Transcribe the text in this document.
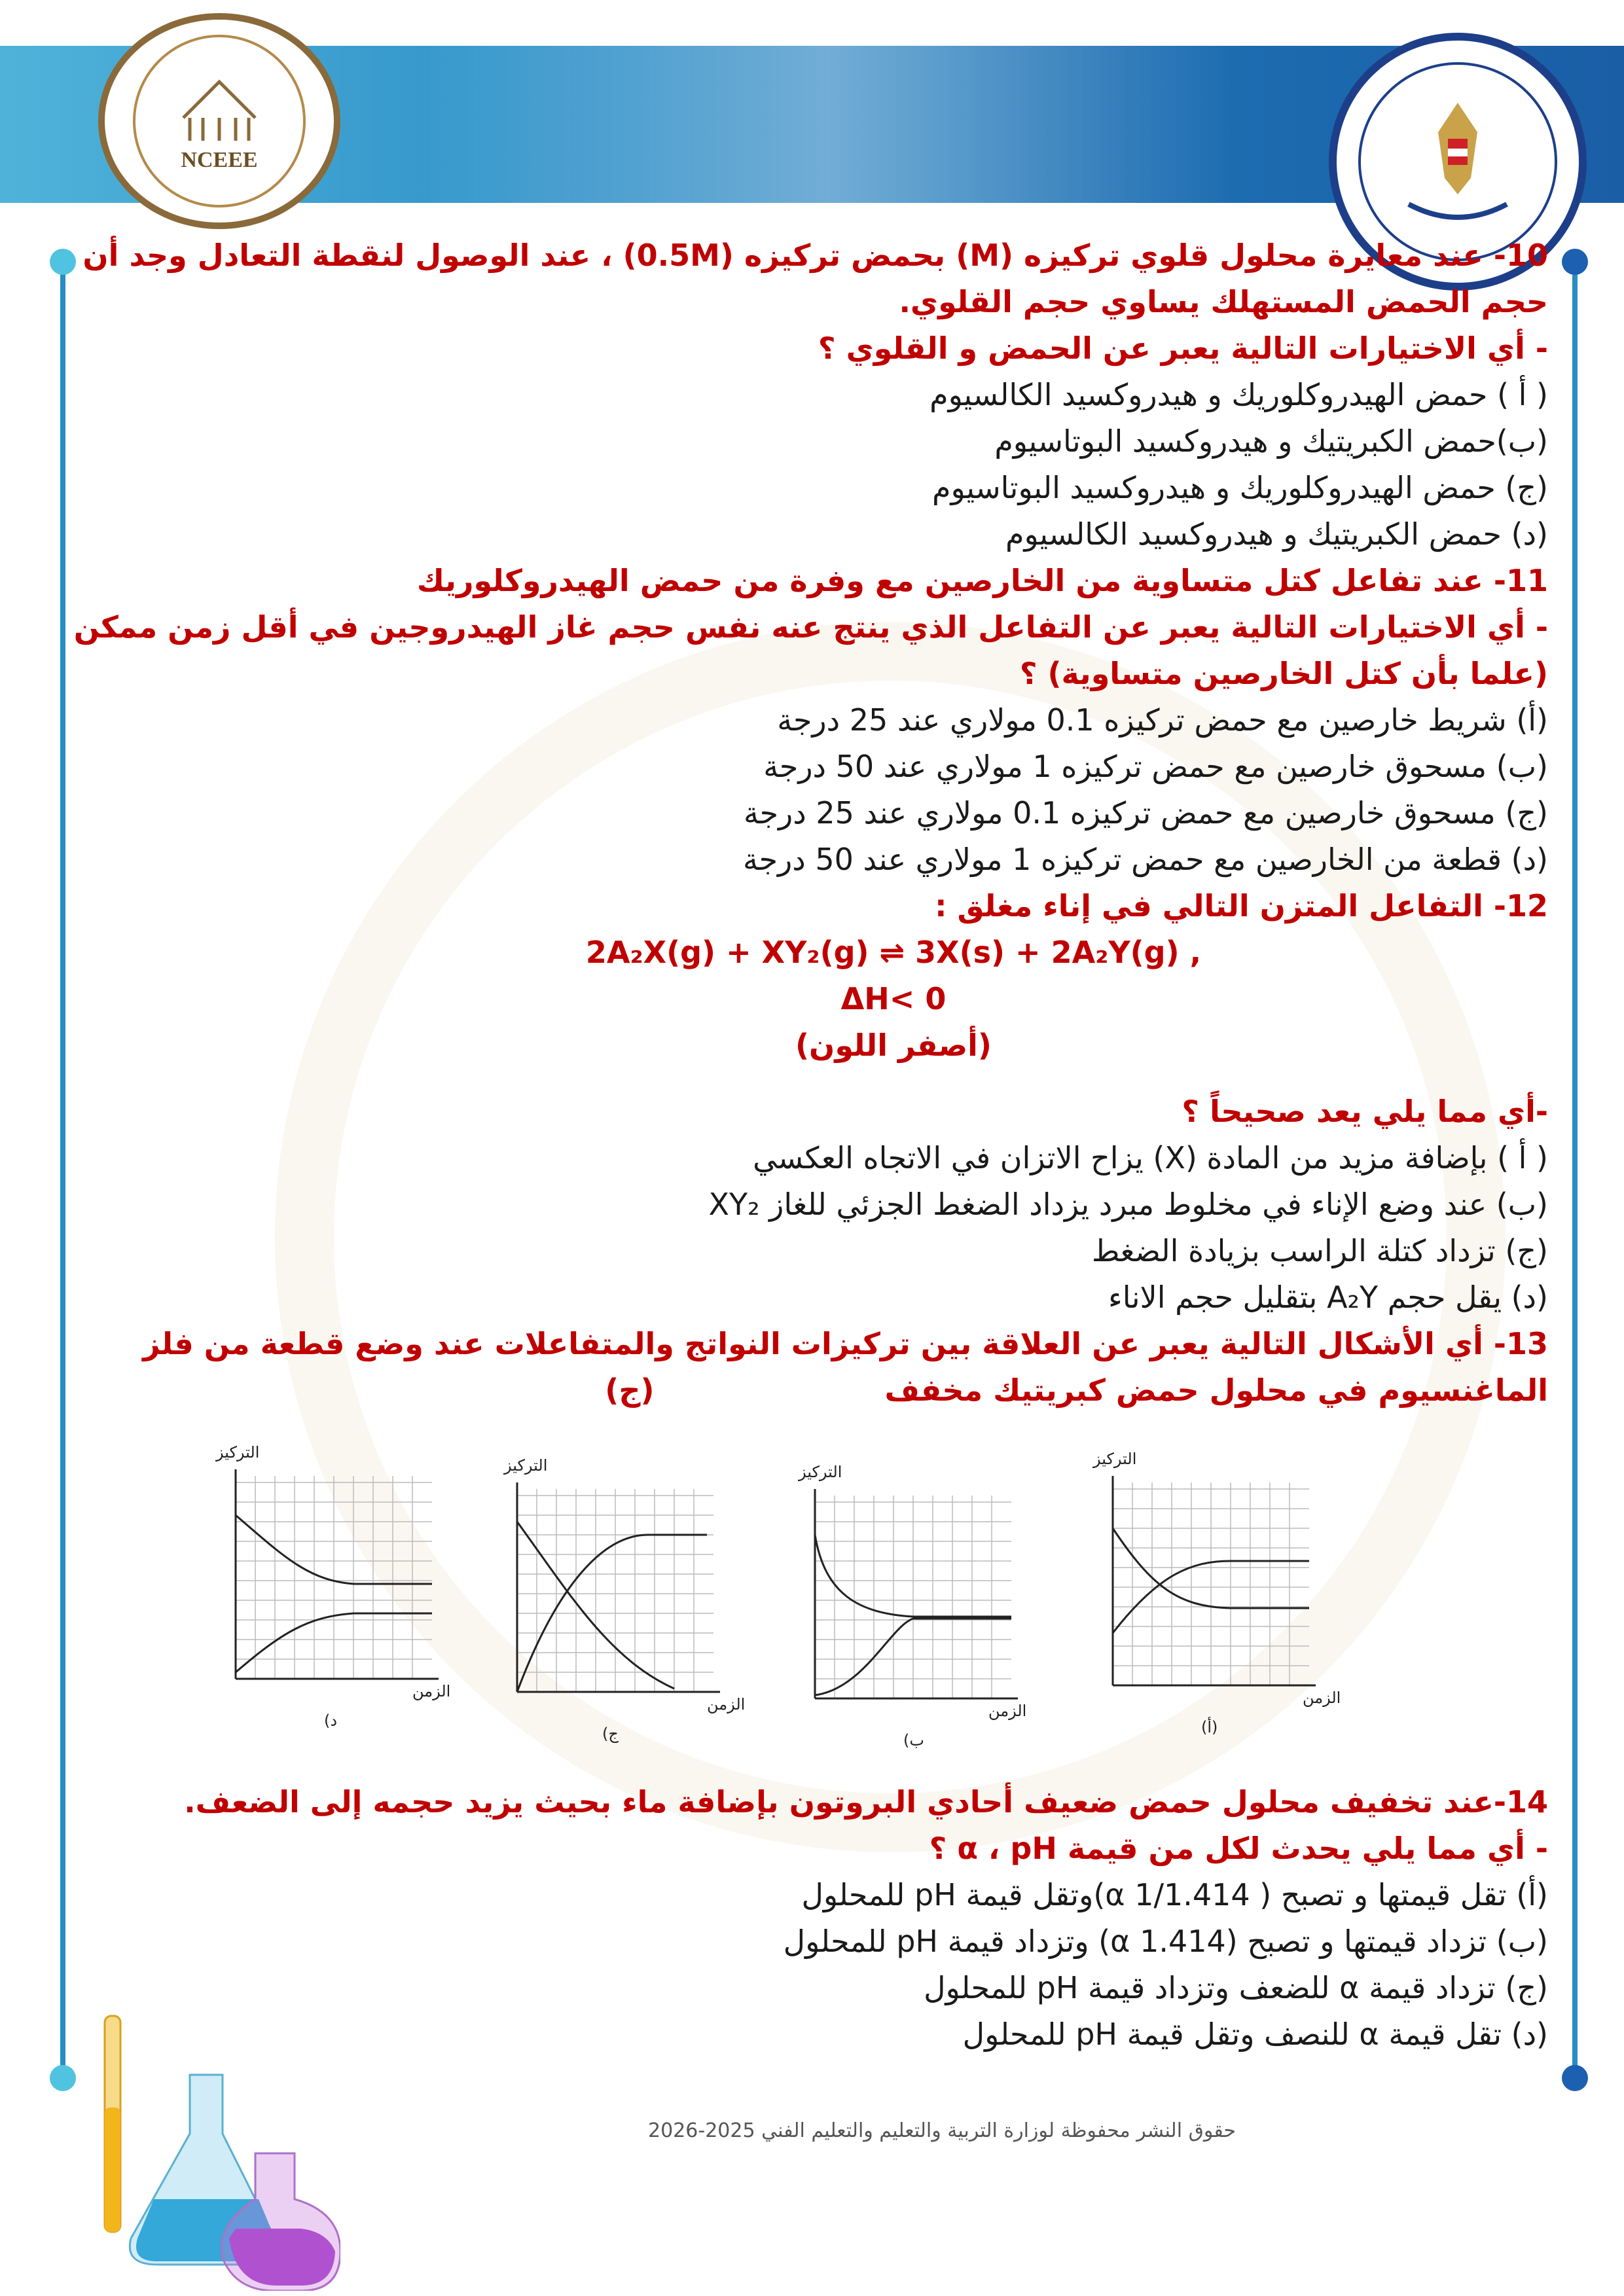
NCEEE
10- عند معايرة محلول قلوي تركيزه (M) بحمض تركيزه (0.5M) ، عند الوصول لنقطة التعادل وجد أن
حجم الحمض المستهلك يساوي حجم القلوي.
- أي الاختيارات التالية يعبر عن الحمض و القلوي ؟
( أ ) حمض الهيدروكلوريك و هيدروكسيد الكالسيوم
(ب)حمض الكبريتيك و هيدروكسيد البوتاسيوم
(ج) حمض الهيدروكلوريك و هيدروكسيد البوتاسيوم
(د) حمض الكبريتيك و هيدروكسيد الكالسيوم
11- عند تفاعل كتل متساوية من الخارصين مع وفرة من حمض الهيدروكلوريك
- أي الاختيارات التالية يعبر عن التفاعل الذي ينتج عنه نفس حجم غاز الهيدروجين في أقل زمن ممكن
(علما بأن كتل الخارصين متساوية) ؟
(أ) شريط خارصين مع حمض تركيزه 0.1 مولاري عند 25 درجة
(ب) مسحوق خارصين مع حمض تركيزه 1 مولاري عند 50 درجة
(ج) مسحوق خارصين مع حمض تركيزه 0.1 مولاري عند 25 درجة
(د) قطعة من الخارصين مع حمض تركيزه 1 مولاري عند 50 درجة
12- التفاعل المتزن التالي في إناء مغلق :
2A₂X(g) + XY₂(g) ⇌ 3X(s) + 2A₂Y(g) , ΔH< 0
(أصفر اللون)
-أي مما يلي يعد صحيحاً ؟
( أ ) بإضافة مزيد من المادة (X) يزاح الاتزان في الاتجاه العكسي
(ب) عند وضع الإناء في مخلوط مبرد يزداد الضغط الجزئي للغاز XY₂
(ج) تزداد كتلة الراسب بزيادة الضغط
(د) يقل حجم A₂Y بتقليل حجم الاناء
13- أي الأشكال التالية يعبر عن العلاقة بين تركيزات النواتج والمتفاعلات عند وضع قطعة من فلز
الماغنسيوم في محلول حمض كبريتيك مخفف  (ج)
التركيز
الزمن
د)
التركيز
الزمن
ج)
التركيز
الزمن
ب)
التركيز
الزمن
(أ)
14-عند تخفيف محلول حمض ضعيف أحادي البروتون بإضافة ماء بحيث يزيد حجمه إلى الضعف.
- أي مما يلي يحدث لكل من قيمة α ، pH ؟
(أ) تقل قيمتها و تصبح ( α 1/1.414)وتقل قيمة pH للمحلول
(ب) تزداد قيمتها و تصبح (α 1.414) وتزداد قيمة pH للمحلول
(ج) تزداد قيمة α للضعف وتزداد قيمة pH للمحلول
(د) تقل قيمة α للنصف وتقل قيمة pH للمحلول
حقوق النشر محفوظة لوزارة التربية والتعليم والتعليم الفني 2025-2026
